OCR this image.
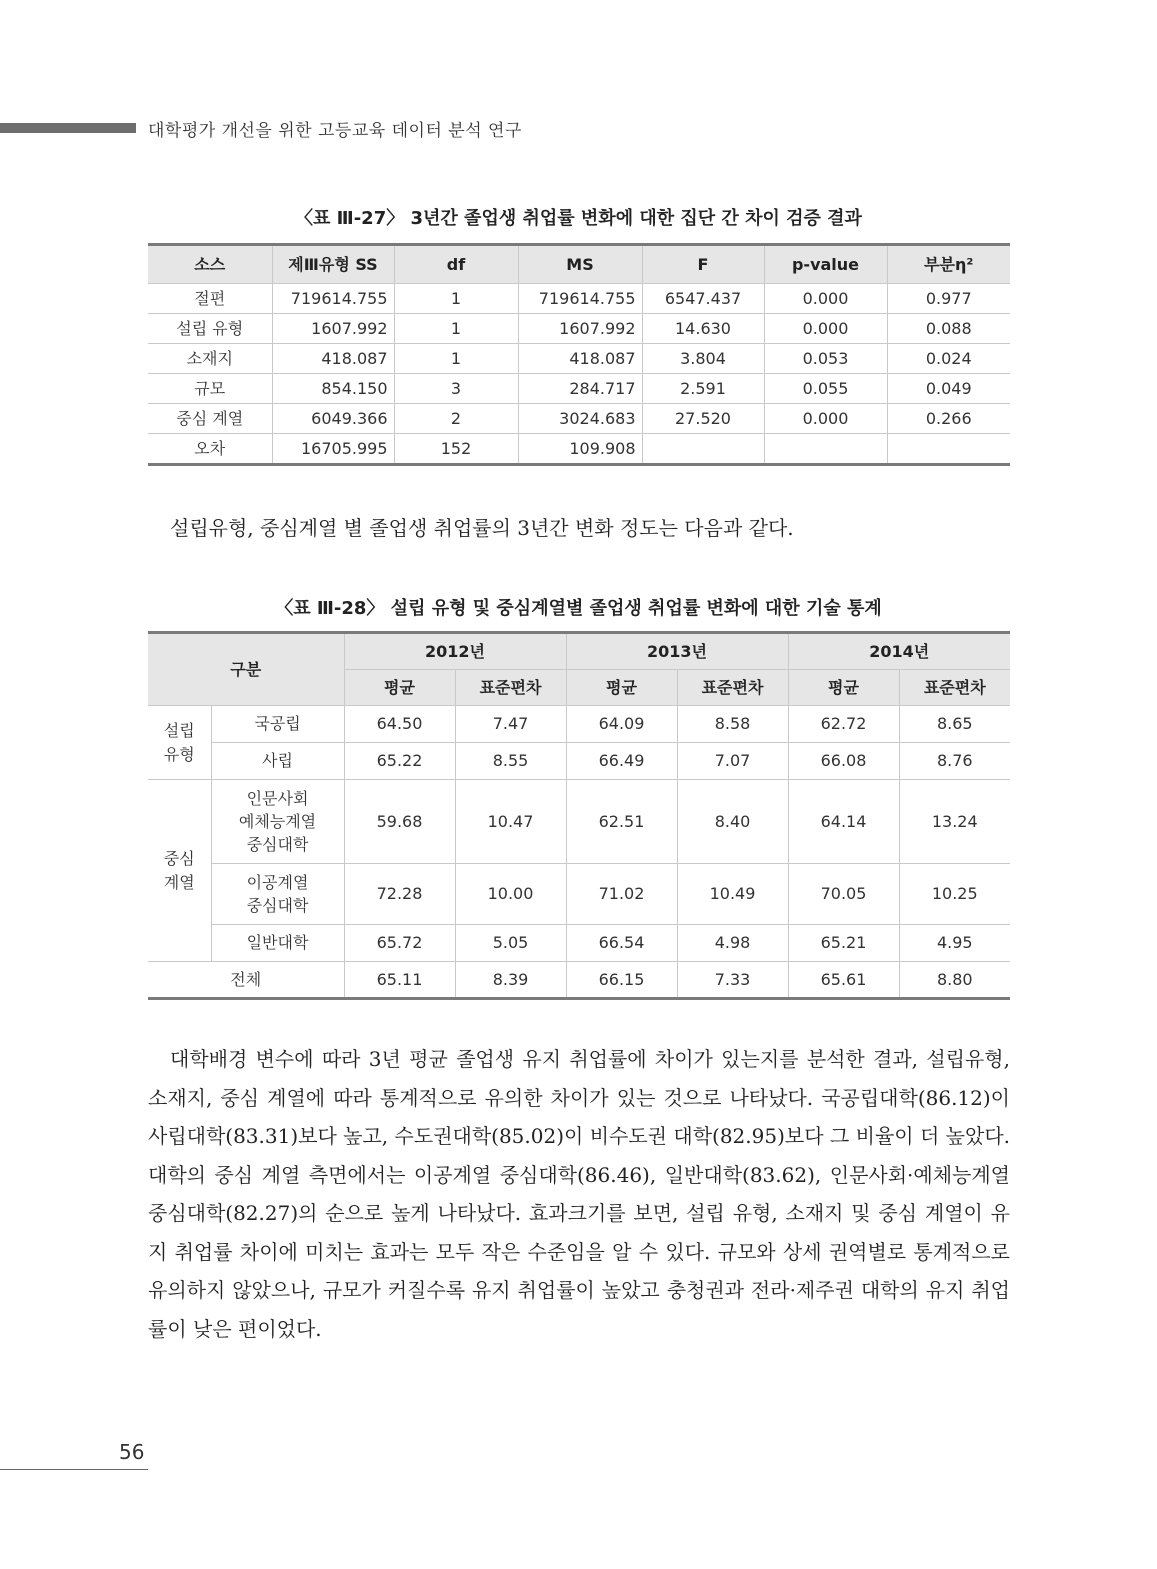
대학평가 개선을 위한 고등교육 데이터 분석 연구
〈표 Ⅲ-27〉 3년간 졸업생 취업률 변화에 대한 집단 간 차이 검증 결과
소스	제Ⅲ유형 SS	df	MS	F	p-value	부분η²
절편	719614.755	1	719614.755	6547.437	0.000	0.977
설립 유형	1607.992	1	1607.992	14.630	0.000	0.088
소재지	418.087	1	418.087	3.804	0.053	0.024
규모	854.150	3	284.717	2.591	0.055	0.049
중심 계열	6049.366	2	3024.683	27.520	0.000	0.266
오차	16705.995	152	109.908			
설립유형, 중심계열 별 졸업생 취업률의 3년간 변화 정도는 다음과 같다.
〈표 Ⅲ-28〉 설립 유형 및 중심계열별 졸업생 취업률 변화에 대한 기술 통계
구분		2012년		2013년		2014년	
		평균	표준편차	평균	표준편차	평균	표준편차
설립
유형	국공립	64.50	7.47	64.09	8.58	62.72	8.65
	사립	65.22	8.55	66.49	7.07	66.08	8.76
중심
계열	인문사회
예체능계열
중심대학	59.68	10.47	62.51	8.40	64.14	13.24
	이공계열
중심대학	72.28	10.00	71.02	10.49	70.05	10.25
	일반대학	65.72	5.05	66.54	4.98	65.21	4.95
전체		65.11	8.39	66.15	7.33	65.61	8.80
대학배경 변수에 따라 3년 평균 졸업생 유지 취업률에 차이가 있는지를 분석한 결과, 설립유형, 소재지, 중심 계열에 따라 통계적으로 유의한 차이가 있는 것으로 나타났다. 국공립대학(86.12)이 사립대학(83.31)보다 높고, 수도권대학(85.02)이 비수도권 대학(82.95)보다 그 비율이 더 높았다. 대학의 중심 계열 측면에서는 이공계열 중심대학(86.46), 일반대학(83.62), 인문사회·예체능계열 중심대학(82.27)의 순으로 높게 나타났다. 효과크기를 보면, 설립 유형, 소재지 및 중심 계열이 유지 취업률 차이에 미치는 효과는 모두 작은 수준임을 알 수 있다. 규모와 상세 권역별로 통계적으로 유의하지 않았으나, 규모가 커질수록 유지 취업률이 높았고 충청권과 전라·제주권 대학의 유지 취업률이 낮은 편이었다.
56
